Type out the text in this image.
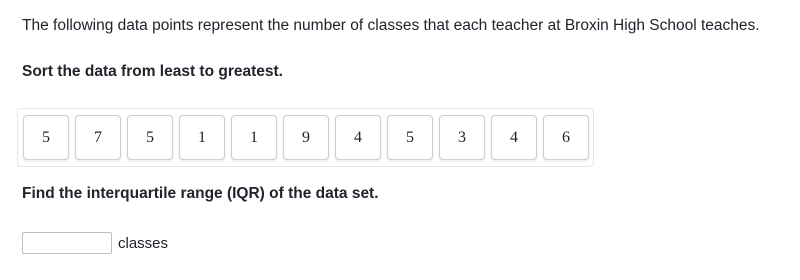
The following data points represent the number of classes that each teacher at Broxin High School teaches.
Sort the data from least to greatest.
5	7	5	1	1	9	4	5	3	4	6
Find the interquartile range (IQR) of the data set.
classes
